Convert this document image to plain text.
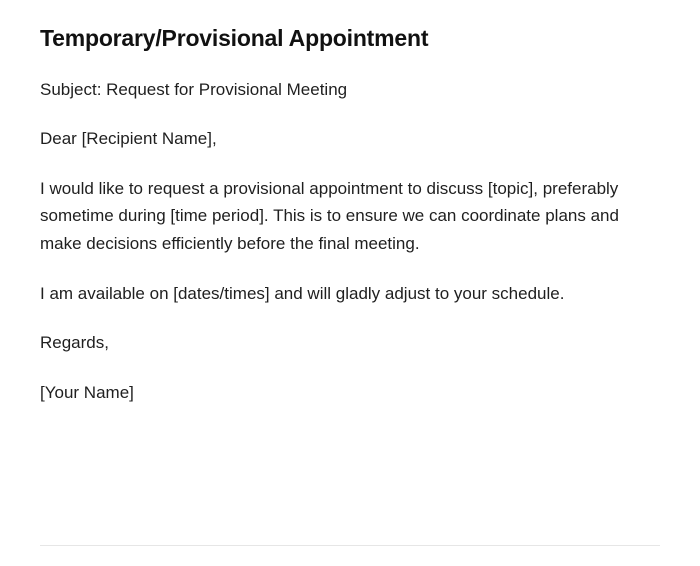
Temporary/Provisional Appointment

Subject: Request for Provisional Meeting

Dear [Recipient Name],

I would like to request a provisional appointment to discuss [topic], preferably sometime during [time period]. This is to ensure we can coordinate plans and make decisions efficiently before the final meeting.

I am available on [dates/times] and will gladly adjust to your schedule.

Regards,

[Your Name]
